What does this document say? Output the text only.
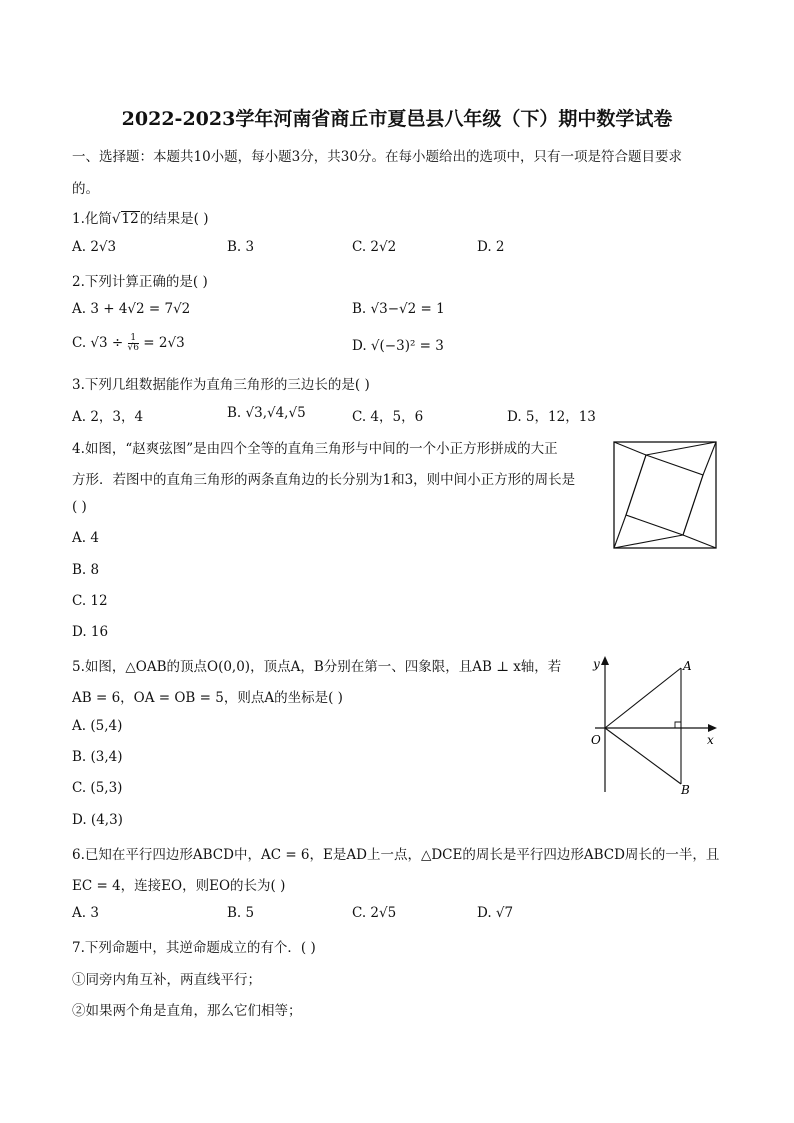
2022-2023学年河南省商丘市夏邑县八年级（下）期中数学试卷
一、选择题：本题共10小题，每小题3分，共30分。在每小题给出的选项中，只有一项是符合题目要求
的。
1.化简√12的结果是( )
A. 2√3	B. 3	C. 2√2	D. 2
2.下列计算正确的是( )
A. 3 + 4√2 = 7√2	B. √3−√2 = 1
C. $√3 \div \frac{1}{√6} = 2√3$	D. √(−3)² = 3
3.下列几组数据能作为直角三角形的三边长的是( )
A. 2，3，4	B. √3,√4,√5	C. 4，5，6	D. 5，12，13
4.如图，“赵爽弦图”是由四个全等的直角三角形与中间的一个小正方形拼成的大正
方形．若图中的直角三角形的两条直角边的长分别为1和3，则中间小正方形的周长是
( )
A. 4
B. 8
C. 12
D. 16
5.如图，△OAB的顶点O(0,0)，顶点A，B分别在第一、四象限，且AB ⊥ x轴，若
AB = 6，OA = OB = 5，则点A的坐标是( )
A. (5,4)
B. (3,4)
C. (5,3)
D. (4,3)
y
x
O
A
B
6.已知在平行四边形ABCD中，AC = 6，E是AD上一点，△DCE的周长是平行四边形ABCD周长的一半，且
EC = 4，连接EO，则EO的长为( )
A. 3	B. 5	C. 2√5	D. √7
7.下列命题中，其逆命题成立的有个．( )
①同旁内角互补，两直线平行；
②如果两个角是直角，那么它们相等；
